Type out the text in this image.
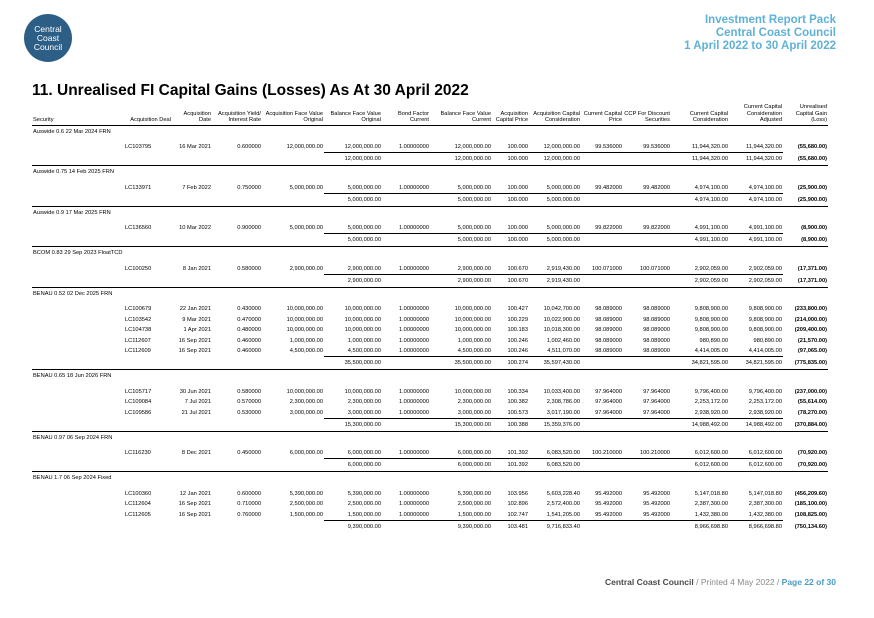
Central
Coast
Council
Investment Report Pack
Central Coast Council
1 April 2022 to 30 April 2022
11. Unrealised FI Capital Gains (Losses) As At 30 April 2022
Security	Acquisition Deal	Acquisition Date	Acquisition Yield/ Interest Rate	Acquisition Face Value Original	Balance Face Value Original	Bond Factor Current	Balance Face Value Current	Acquisition Capital Price	Acquisition Capital Consideration	Current Capital Price	CCP For Discount Securities	Current Capital Consideration	Current Capital Consideration Adjusted	Unrealised Capital Gain (Loss)
Auswide 0.6 22 Mar 2024 FRN														

	LC103795	16 Mar 2021	0.600000	12,000,000.00	12,000,000.00	1.00000000	12,000,000.00	100.000	12,000,000.00	99.536000	99.536000	11,944,320.00	11,944,320.00	(55,680.00)
					12,000,000.00		12,000,000.00	100.000	12,000,000.00			11,944,320.00	11,944,320.00	(55,680.00)
Auswide 0.75 14 Feb 2025 FRN														

	LC133971	7 Feb 2022	0.750000	5,000,000.00	5,000,000.00	1.00000000	5,000,000.00	100.000	5,000,000.00	99.482000	99.482000	4,974,100.00	4,974,100.00	(25,900.00)
					5,000,000.00		5,000,000.00	100.000	5,000,000.00			4,974,100.00	4,974,100.00	(25,900.00)
Auswide 0.9 17 Mar 2025 FRN														

	LC136560	10 Mar 2022	0.900000	5,000,000.00	5,000,000.00	1.00000000	5,000,000.00	100.000	5,000,000.00	99.822000	99.822000	4,991,100.00	4,991,100.00	(8,900.00)
					5,000,000.00		5,000,000.00	100.000	5,000,000.00			4,991,100.00	4,991,100.00	(8,900.00)
BCOM 0.83 29 Sep 2023 FloatTCD														

	LC100250	8 Jan 2021	0.580000	2,900,000.00	2,900,000.00	1.00000000	2,900,000.00	100.670	2,919,430.00	100.071000	100.071000	2,902,059.00	2,902,059.00	(17,371.00)
					2,900,000.00		2,900,000.00	100.670	2,919,430.00			2,902,059.00	2,902,059.00	(17,371.00)
BENAU 0.52 02 Dec 2025 FRN														

	LC100679	22 Jan 2021	0.430000	10,000,000.00	10,000,000.00	1.00000000	10,000,000.00	100.427	10,042,700.00	98.089000	98.089000	9,808,900.00	9,808,900.00	(233,800.00)
	LC103542	9 Mar 2021	0.470000	10,000,000.00	10,000,000.00	1.00000000	10,000,000.00	100.229	10,022,900.00	98.089000	98.089000	9,808,900.00	9,808,900.00	(214,000.00)
	LC104738	1 Apr 2021	0.480000	10,000,000.00	10,000,000.00	1.00000000	10,000,000.00	100.183	10,018,300.00	98.089000	98.089000	9,808,900.00	9,808,900.00	(209,400.00)
	LC112607	16 Sep 2021	0.460000	1,000,000.00	1,000,000.00	1.00000000	1,000,000.00	100.246	1,002,460.00	98.089000	98.089000	980,890.00	980,890.00	(21,570.00)
	LC112609	16 Sep 2021	0.460000	4,500,000.00	4,500,000.00	1.00000000	4,500,000.00	100.246	4,511,070.00	98.089000	98.089000	4,414,005.00	4,414,005.00	(97,065.00)
					35,500,000.00		35,500,000.00	100.274	35,597,430.00			34,821,595.00	34,821,595.00	(775,835.00)
BENAU 0.65 18 Jun 2026 FRN														

	LC105717	30 Jun 2021	0.580000	10,000,000.00	10,000,000.00	1.00000000	10,000,000.00	100.334	10,033,400.00	97.964000	97.964000	9,796,400.00	9,796,400.00	(237,000.00)
	LC109084	7 Jul 2021	0.570000	2,300,000.00	2,300,000.00	1.00000000	2,300,000.00	100.382	2,308,786.00	97.964000	97.964000	2,253,172.00	2,253,172.00	(55,614.00)
	LC109586	21 Jul 2021	0.530000	3,000,000.00	3,000,000.00	1.00000000	3,000,000.00	100.573	3,017,190.00	97.964000	97.964000	2,938,920.00	2,938,920.00	(78,270.00)
					15,300,000.00		15,300,000.00	100.388	15,359,376.00			14,988,492.00	14,988,492.00	(370,884.00)
BENAU 0.97 06 Sep 2024 FRN														

	LC116230	8 Dec 2021	0.450000	6,000,000.00	6,000,000.00	1.00000000	6,000,000.00	101.392	6,083,520.00	100.210000	100.210000	6,012,600.00	6,012,600.00	(70,920.00)
					6,000,000.00		6,000,000.00	101.392	6,083,520.00			6,012,600.00	6,012,600.00	(70,920.00)
BENAU 1.7 06 Sep 2024 Fixed														

	LC100360	12 Jan 2021	0.600000	5,390,000.00	5,390,000.00	1.00000000	5,390,000.00	103.956	5,603,228.40	95.492000	95.492000	5,147,018.80	5,147,018.80	(456,209.60)
	LC112604	16 Sep 2021	0.710000	2,500,000.00	2,500,000.00	1.00000000	2,500,000.00	102.896	2,572,400.00	95.492000	95.492000	2,387,300.00	2,387,300.00	(185,100.00)
	LC112605	16 Sep 2021	0.760000	1,500,000.00	1,500,000.00	1.00000000	1,500,000.00	102.747	1,541,205.00	95.492000	95.492000	1,432,380.00	1,432,380.00	(108,825.00)
					9,390,000.00		9,390,000.00	103.481	9,716,833.40			8,966,698.80	8,966,698.80	(750,134.60)
Central Coast Council / Printed 4 May 2022 / Page 22 of 30
